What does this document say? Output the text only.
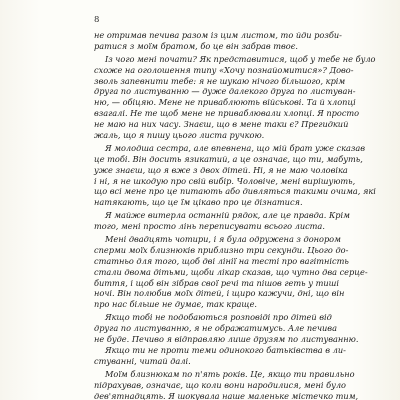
8
не отримав печива разом із цим листом, то йди розби-
ратися з моїм братом, бо це він забрав твоє.
Із чого мені почати? Як представитися, щоб у тебе не було
схоже на оголошення типу «Хочу познайомитися»? Дово-
зволь запевнити тебе: я не шукаю нічого більшого, крім
друга по листуванню — дуже далекого друга по листуван-
ню, — обіцяю. Мене не приваблюють військові. Та й хлопці
взагалі. Не те щоб мене не приваблювали хлопці. Я просто
не маю на них часу. Знаєш, що в мене таки є? Прегидкий
жаль, що я пишу цього листа ручкою.
Я молодша сестра, але впевнена, що мій брат уже сказав
це тобі. Він досить язикатий, а це означає, що ти, мабуть,
уже знаєш, що я вже з двох дітей. Ні, я не маю чоловіка
і ні, я не шкодую про свій вибір. Чоловіче, мені вирішують,
що всі мене про це питають або дивляться такими очима, які
натякають, що це їм цікаво про це дізнатися.
Я майже витерла останній рядок, але це правда. Крім
того, мені просто лінь переписувати всього листа.
Мені двадцять чотири, і я була одружена з донором
сперми моїх близнюків приблизно три секунди. Цього до-
статньо для того, щоб дві лінії на тесті про вагітність
стали двома дітьми, щоби лікар сказав, що чутно два серце-
биття, і щоб він зібрав свої речі та пішов геть у тиші
ночі. Він полюбив моїх дітей, і щиро кажучи, дні, що він
про нас більше не думає, так краще.
Якщо тобі не подобаються розповіді про дітей від
друга по листуванню, я не ображатимусь. Але печива
не буде. Печиво я відправляю лише друзям по листуванню.
Якщо ти не проти теми одинокого батьківства в ли-
стуванні, читай далі.
Моїм близнюкам по п'ять років. Це, якщо ти правильно
підрахував, означає, що коли вони народилися, мені було
дев'ятнадцять. Я шокувала наше маленьке містечко тим,
